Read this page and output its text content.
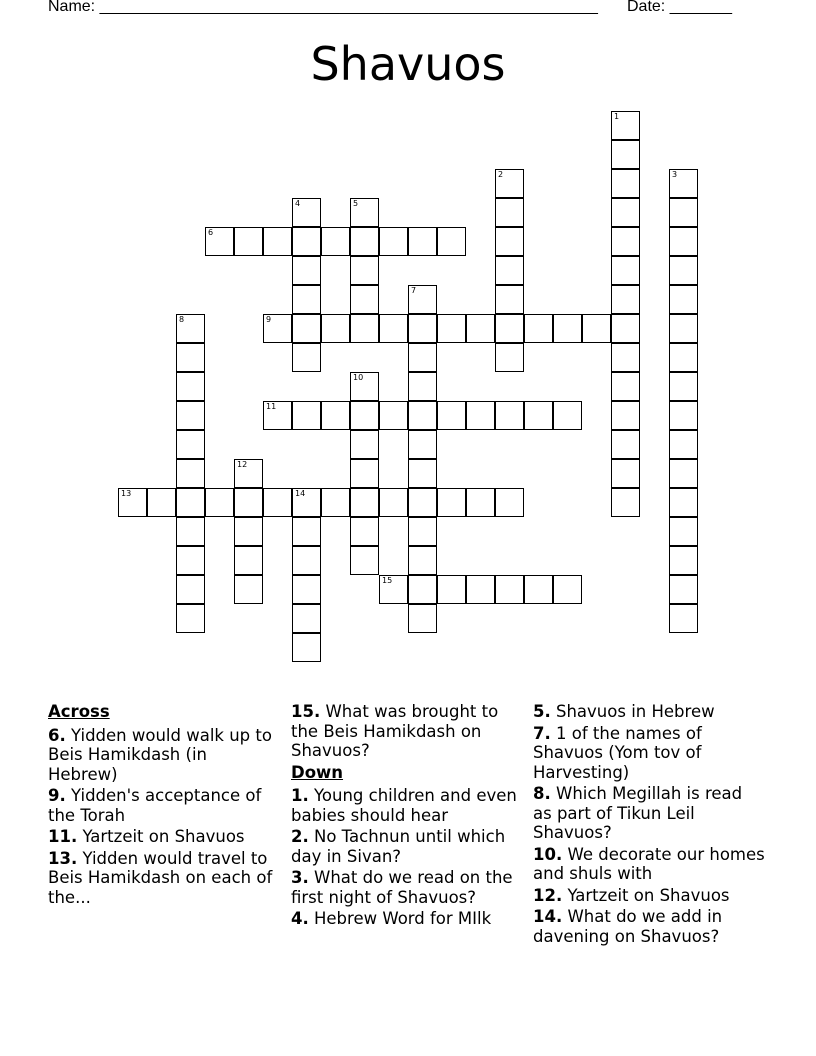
Name: ________________________________________________________ Date: _______
Shavuos
1
2	3
4	5
6
7
8	9
10
11
12
13	14
15
Across
6. Yidden would walk up to Beis Hamikdash (in Hebrew)
9. Yidden's acceptance of the Torah
11. Yartzeit on Shavuos
13. Yidden would travel to Beis Hamikdash on each of the...
15. What was brought to the Beis Hamikdash on Shavuos?
Down
1. Young children and even babies should hear
2. No Tachnun until which day in Sivan?
3. What do we read on the first night of Shavuos?
4. Hebrew Word for MIlk
5. Shavuos in Hebrew
7. 1 of the names of Shavuos (Yom tov of Harvesting)
8. Which Megillah is read as part of Tikun Leil Shavuos?
10. We decorate our homes and shuls with
12. Yartzeit on Shavuos
14. What do we add in davening on Shavuos?
